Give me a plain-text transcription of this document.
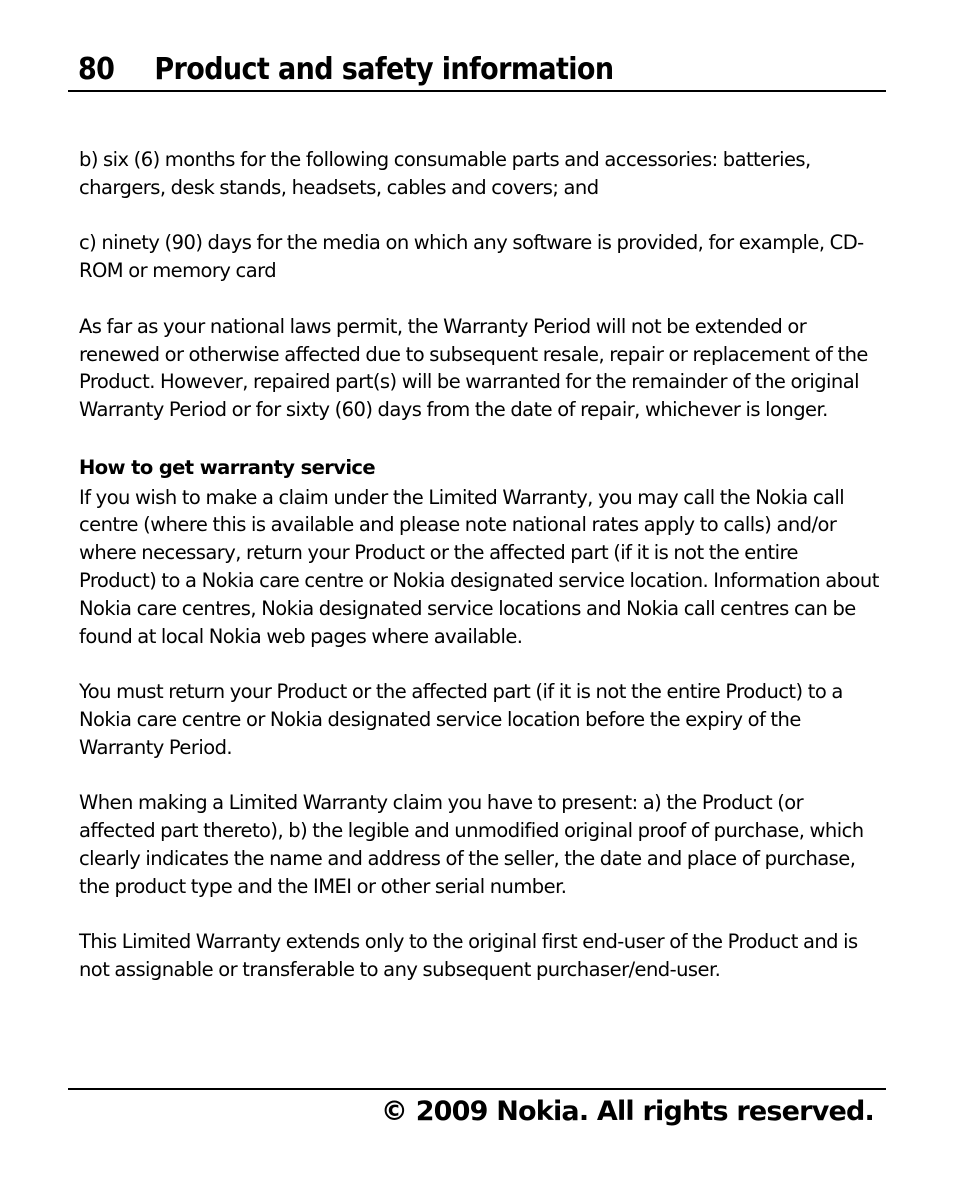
80 Product and safety information

b) six (6) months for the following consumable parts and accessories: batteries, chargers, desk stands, headsets, cables and covers; and

c) ninety (90) days for the media on which any software is provided, for example, CD-ROM or memory card

As far as your national laws permit, the Warranty Period will not be extended or renewed or otherwise affected due to subsequent resale, repair or replacement of the Product. However, repaired part(s) will be warranted for the remainder of the original Warranty Period or for sixty (60) days from the date of repair, whichever is longer.

How to get warranty service

If you wish to make a claim under the Limited Warranty, you may call the Nokia call centre (where this is available and please note national rates apply to calls) and/or where necessary, return your Product or the affected part (if it is not the entire Product) to a Nokia care centre or Nokia designated service location. Information about Nokia care centres, Nokia designated service locations and Nokia call centres can be found at local Nokia web pages where available.

You must return your Product or the affected part (if it is not the entire Product) to a Nokia care centre or Nokia designated service location before the expiry of the Warranty Period.

When making a Limited Warranty claim you have to present: a) the Product (or affected part thereto), b) the legible and unmodified original proof of purchase, which clearly indicates the name and address of the seller, the date and place of purchase, the product type and the IMEI or other serial number.

This Limited Warranty extends only to the original first end-user of the Product and is not assignable or transferable to any subsequent purchaser/end-user.

© 2009 Nokia. All rights reserved.
